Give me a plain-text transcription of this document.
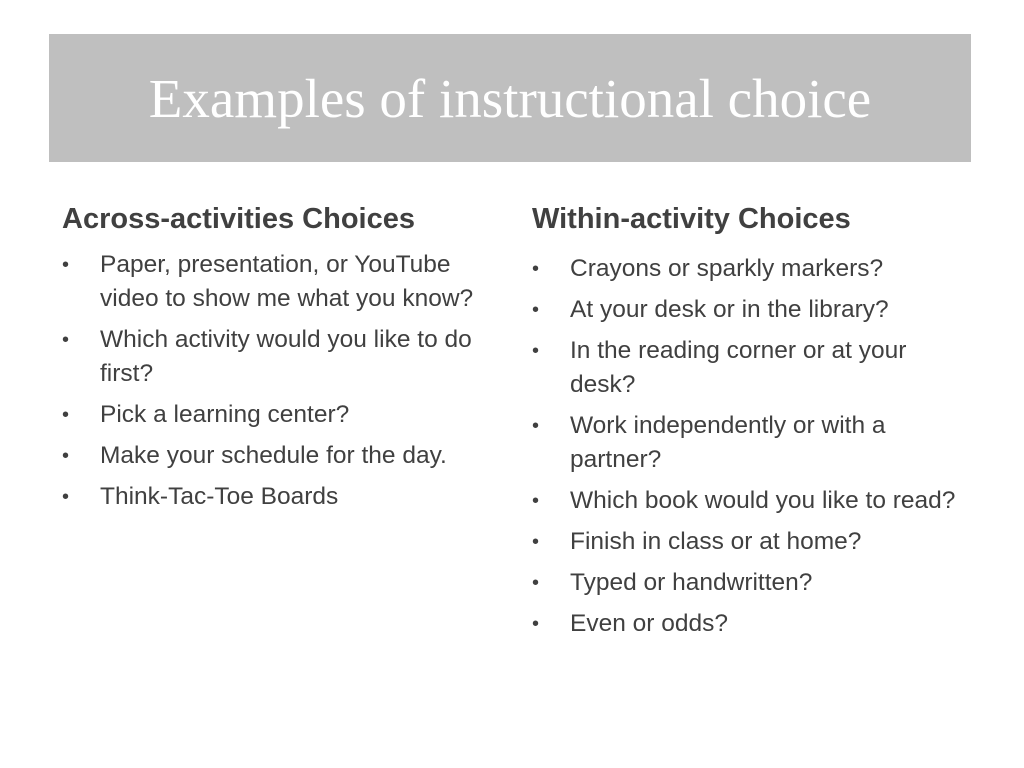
Examples of instructional choice
Across-activities Choices
• Paper, presentation, or YouTube video to show me what you know?
• Which activity would you like to do first?
• Pick a learning center?
• Make your schedule for the day.
• Think-Tac-Toe Boards
Within-activity Choices
• Crayons or sparkly markers?
• At your desk or in the library?
• In the reading corner or at your desk?
• Work independently or with a partner?
• Which book would you like to read?
• Finish in class or at home?
• Typed or handwritten?
• Even or odds?
